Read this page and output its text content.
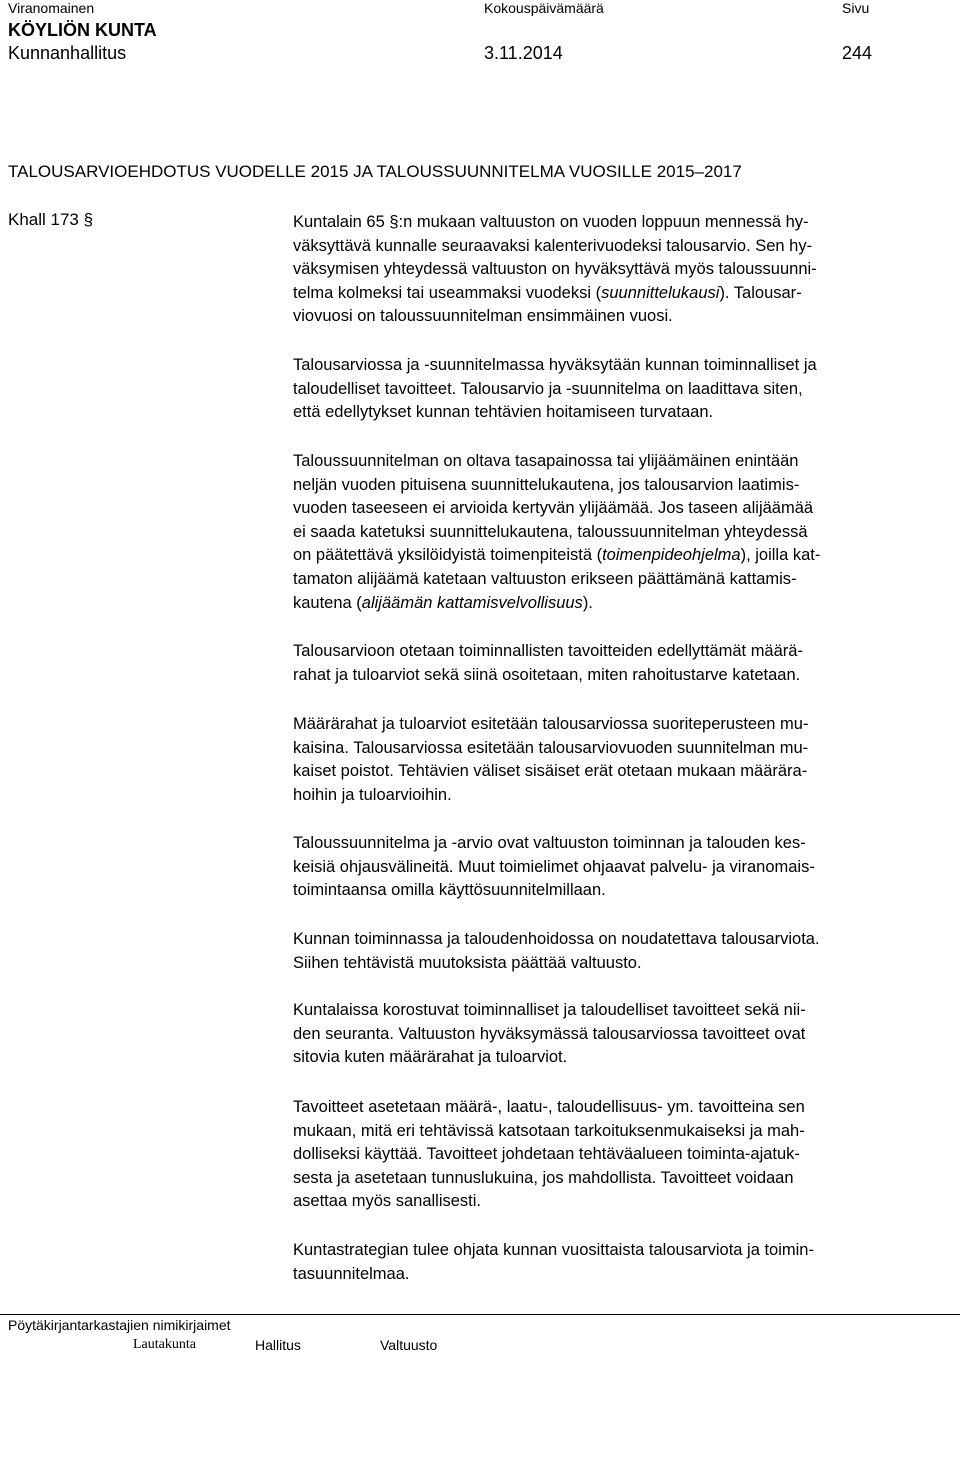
Viranomainen	Kokouspäivämäärä	Sivu
KÖYLIÖN KUNTA
Kunnanhallitus	3.11.2014	244
TALOUSARVIOEHDOTUS VUODELLE 2015 JA TALOUSSUUNNITELMA VUOSILLE 2015–2017
Khall 173 §	Kuntalain 65 §:n mukaan valtuuston on vuoden loppuun mennessä hy-
väksyttävä kunnalle seuraavaksi kalenterivuodeksi talousarvio. Sen hy-
väksymisen yhteydessä valtuuston on hyväksyttävä myös taloussuunni-
telma kolmeksi tai useammaksi vuodeksi (suunnittelukausi). Talousar-
viovuosi on taloussuunnitelman ensimmäinen vuosi.

Talousarviossa ja -suunnitelmassa hyväksytään kunnan toiminnalliset ja
taloudelliset tavoitteet. Talousarvio ja -suunnitelma on laadittava siten,
että edellytykset kunnan tehtävien hoitamiseen turvataan.

Taloussuunnitelman on oltava tasapainossa tai ylijäämäinen enintään
neljän vuoden pituisena suunnittelukautena, jos talousarvion laatimis-
vuoden taseeseen ei arvioida kertyvän ylijäämää. Jos taseen alijäämää
ei saada katetuksi suunnittelukautena, taloussuunnitelman yhteydessä
on päätettävä yksilöidyistä toimenpiteistä (toimenpideohjelma), joilla kat-
tamaton alijäämä katetaan valtuuston erikseen päättämänä kattamis-
kautena (alijäämän kattamisvelvollisuus).

Talousarvioon otetaan toiminnallisten tavoitteiden edellyttämät määrä-
rahat ja tuloarviot sekä siinä osoitetaan, miten rahoitustarve katetaan.

Määrärahat ja tuloarviot esitetään talousarviossa suoriteperusteen mu-
kaisina. Talousarviossa esitetään talousarviovuoden suunnitelman mu-
kaiset poistot. Tehtävien väliset sisäiset erät otetaan mukaan määrära-
hoihin ja tuloarvioihin.

Taloussuunnitelma ja -arvio ovat valtuuston toiminnan ja talouden kes-
keisiä ohjausvälineitä. Muut toimielimet ohjaavat palvelu- ja viranomais-
toimintaansa omilla käyttösuunnitelmillaan.

Kunnan toiminnassa ja taloudenhoidossa on noudatettava talousarviota.
Siihen tehtävistä muutoksista päättää valtuusto.

Kuntalaissa korostuvat toiminnalliset ja taloudelliset tavoitteet sekä nii-
den seuranta. Valtuuston hyväksymässä talousarviossa tavoitteet ovat
sitovia kuten määrärahat ja tuloarviot.

Tavoitteet asetetaan määrä-, laatu-, taloudellisuus- ym. tavoitteina sen
mukaan, mitä eri tehtävissä katsotaan tarkoituksenmukaiseksi ja mah-
dolliseksi käyttää. Tavoitteet johdetaan tehtäväalueen toiminta-ajatuk-
sesta ja asetetaan tunnuslukuina, jos mahdollista. Tavoitteet voidaan
asettaa myös sanallisesti.

Kuntastrategian tulee ohjata kunnan vuosittaista talousarviota ja toimin-
tasuunnitelmaa.

Pöytäkirjantarkastajien nimikirjaimet
Lautakunta	Hallitus	Valtuusto
